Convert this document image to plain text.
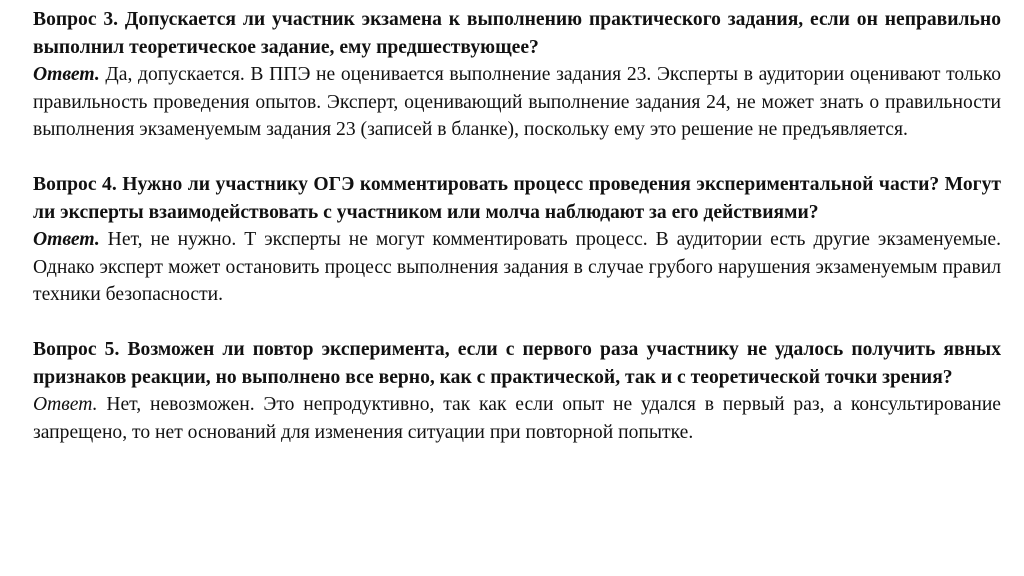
Вопрос 3. Допускается ли участник экзамена к выполнению практического задания, если он неправильно выполнил теоретическое задание, ему предшествующее?

Ответ. Да, допускается. В ППЭ не оценивается выполнение задания 23. Эксперты в аудитории оценивают только правильность проведения опытов. Эксперт, оценивающий выполнение задания 24, не может знать о правильности выполнения экзаменуемым задания 23 (записей в бланке), поскольку ему это решение не предъявляется.

Вопрос 4. Нужно ли участнику ОГЭ комментировать процесс проведения экспериментальной части? Могут ли эксперты взаимодействовать с участником или молча наблюдают за его действиями?

Ответ. Нет, не нужно. Т эксперты не могут комментировать процесс. В аудитории есть другие экзаменуемые. Однако эксперт может остановить процесс выполнения задания в случае грубого нарушения экзаменуемым правил техники безопасности.

Вопрос 5. Возможен ли повтор эксперимента, если с первого раза участнику не удалось получить явных признаков реакции, но выполнено все верно, как с практической, так и с теоретической точки зрения?

Ответ. Нет, невозможен. Это непродуктивно, так как если опыт не удался в первый раз, а консультирование запрещено, то нет оснований для изменения ситуации при повторной попытке.
